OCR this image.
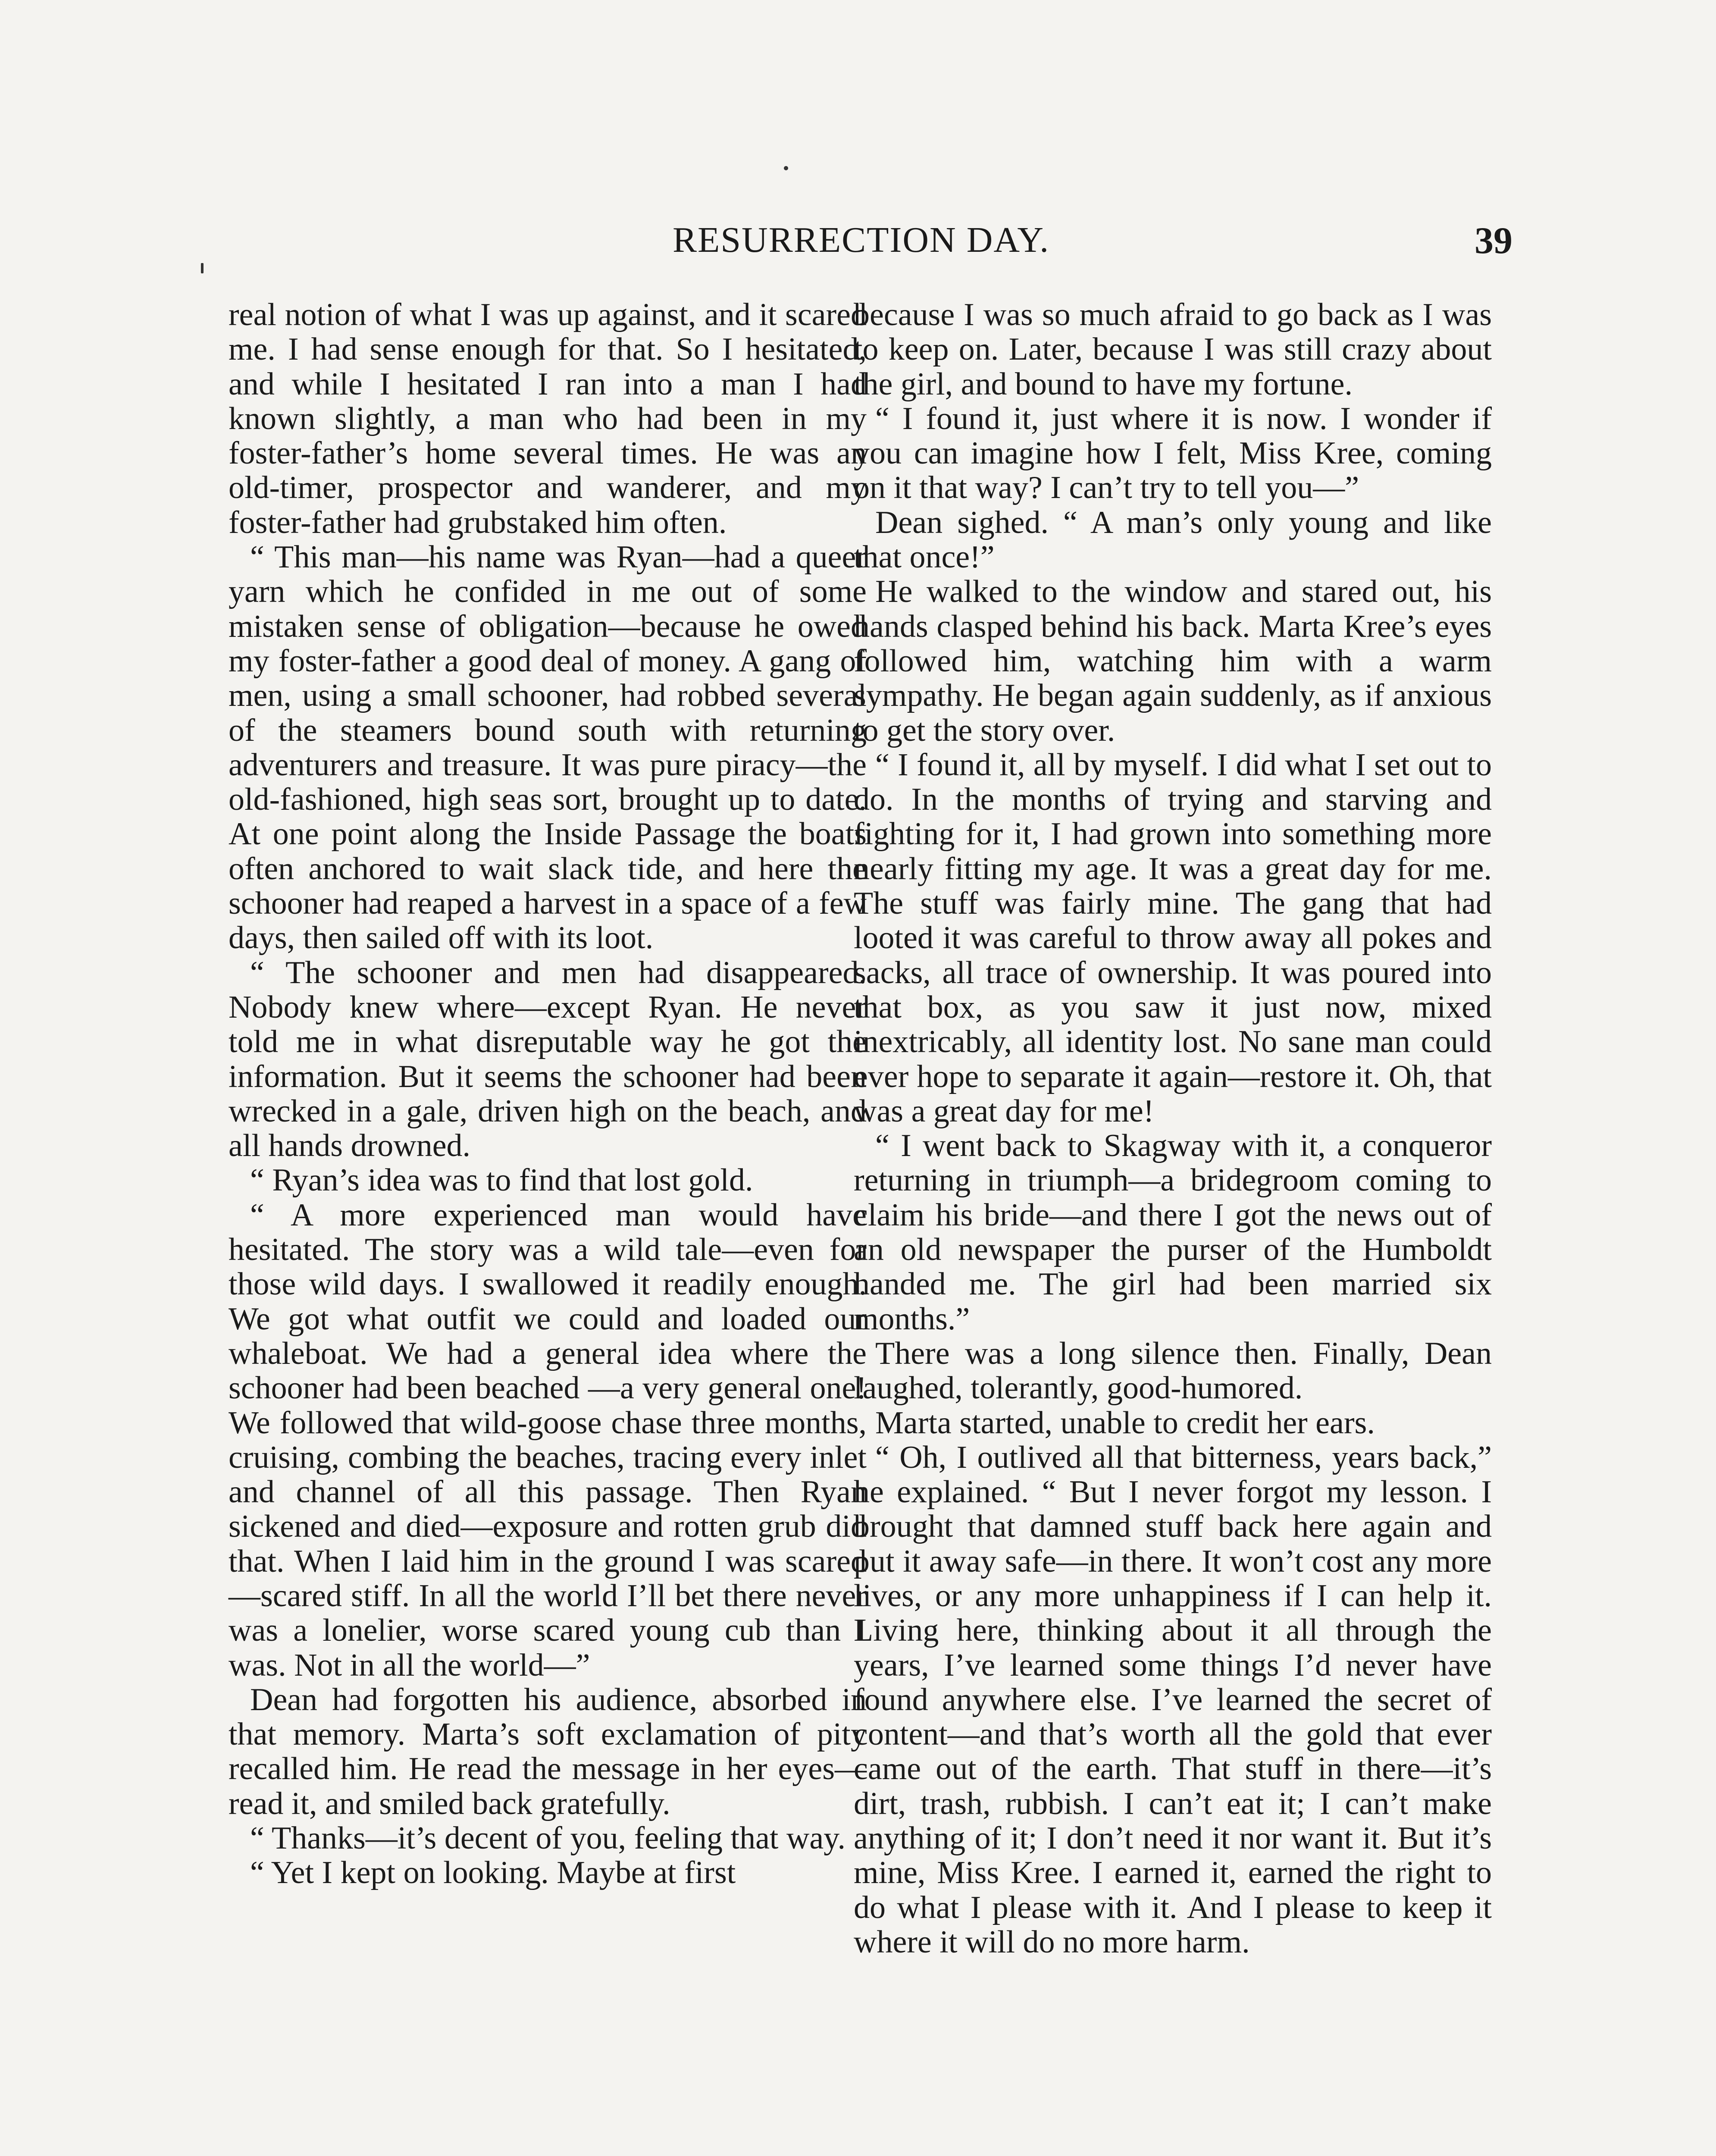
RESURRECTION DAY.	39

real notion of what I was up against, and it scared me. I had sense enough for that. So I hesitated, and while I hesitated I ran into a man I had known slightly, a man who had been in my foster-father’s home several times. He was an old-timer, prospector and wanderer, and my foster-father had grubstaked him often.

“ This man—his name was Ryan—had a queer yarn which he confided in me out of some mistaken sense of obligation—because he owed my foster-father a good deal of money. A gang of men, using a small schooner, had robbed several of the steamers bound south with returning adventurers and treasure. It was pure piracy—the old-fashioned, high seas sort, brought up to date. At one point along the Inside Passage the boats often anchored to wait slack tide, and here the schooner had reaped a harvest in a space of a few days, then sailed off with its loot.

“ The schooner and men had disappeared. Nobody knew where—except Ryan. He never told me in what disreputable way he got the information. But it seems the schooner had been wrecked in a gale, driven high on the beach, and all hands drowned.

“ Ryan’s idea was to find that lost gold.

“ A more experienced man would have hesitated. The story was a wild tale—even for those wild days. I swallowed it readily enough. We got what outfit we could and loaded our whaleboat. We had a general idea where the schooner had been beached —a very general one! We followed that wild-goose chase three months, cruising, combing the beaches, tracing every inlet and channel of all this passage. Then Ryan sickened and died—exposure and rotten grub did that. When I laid him in the ground I was scared—scared stiff. In all the world I’ll bet there never was a lonelier, worse scared young cub than I was. Not in all the world—”

Dean had forgotten his audience, absorbed in that memory. Marta’s soft exclamation of pity recalled him. He read the message in her eyes—read it, and smiled back gratefully.

“ Thanks—it’s decent of you, feeling that way.

“ Yet I kept on looking. Maybe at first

because I was so much afraid to go back as I was to keep on. Later, because I was still crazy about the girl, and bound to have my fortune.

“ I found it, just where it is now. I wonder if you can imagine how I felt, Miss Kree, coming on it that way? I can’t try to tell you—”

Dean sighed. “ A man’s only young and like that once!”

He walked to the window and stared out, his hands clasped behind his back. Marta Kree’s eyes followed him, watching him with a warm sympathy. He began again suddenly, as if anxious to get the story over.

“ I found it, all by myself. I did what I set out to do. In the months of trying and starving and fighting for it, I had grown into something more nearly fitting my age. It was a great day for me. The stuff was fairly mine. The gang that had looted it was careful to throw away all pokes and sacks, all trace of ownership. It was poured into that box, as you saw it just now, mixed inextricably, all identity lost. No sane man could ever hope to separate it again—restore it. Oh, that was a great day for me!

“ I went back to Skagway with it, a conqueror returning in triumph—a bridegroom coming to claim his bride—and there I got the news out of an old newspaper the purser of the Humboldt handed me. The girl had been married six months.”

There was a long silence then. Finally, Dean laughed, tolerantly, good-humored.

Marta started, unable to credit her ears.

“ Oh, I outlived all that bitterness, years back,” he explained. “ But I never forgot my lesson. I brought that damned stuff back here again and put it away safe—in there. It won’t cost any more lives, or any more unhappiness if I can help it. Living here, thinking about it all through the years, I’ve learned some things I’d never have found anywhere else. I’ve learned the secret of content—and that’s worth all the gold that ever came out of the earth. That stuff in there—it’s dirt, trash, rubbish. I can’t eat it; I can’t make anything of it; I don’t need it nor want it. But it’s mine, Miss Kree. I earned it, earned the right to do what I please with it. And I please to keep it where it will do no more harm.
